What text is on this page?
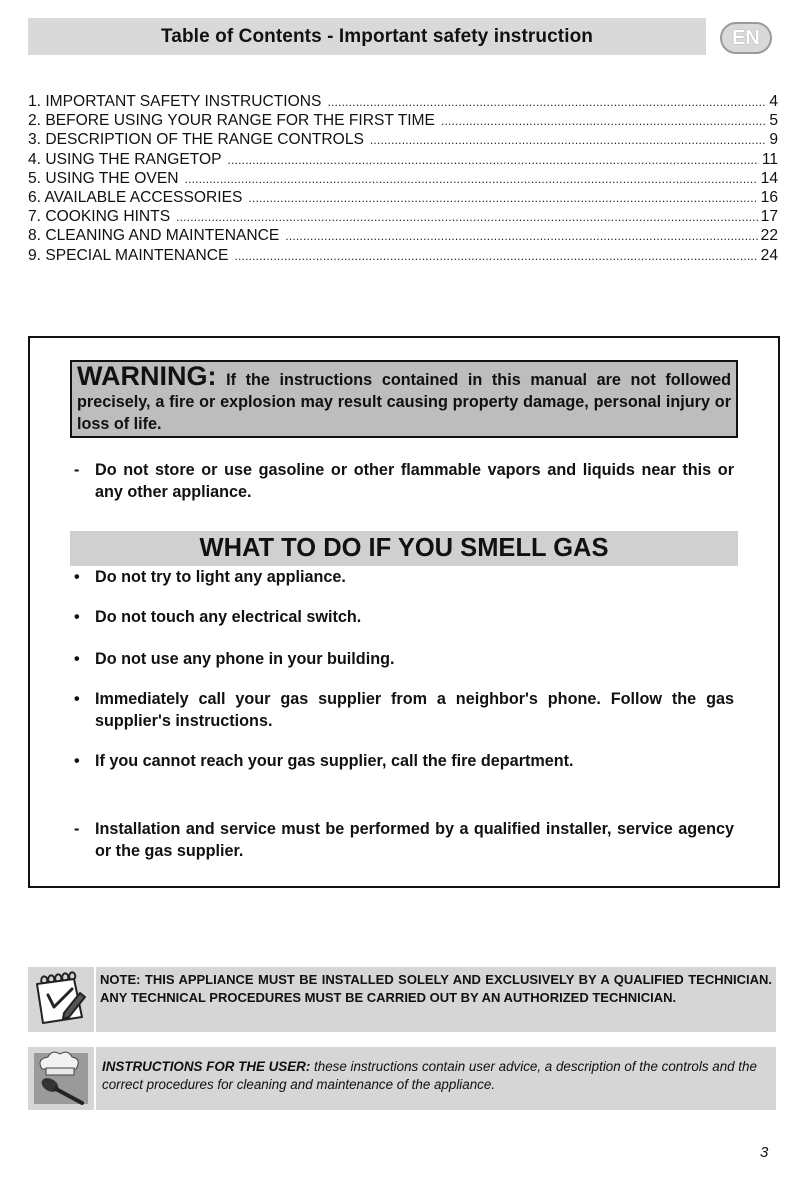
Table of Contents - Important safety instruction	EN
1. IMPORTANT SAFETY INSTRUCTIONS .....	4
2. BEFORE USING YOUR RANGE FOR THE FIRST TIME .....	5
3. DESCRIPTION OF THE RANGE CONTROLS .....	9
4. USING THE RANGETOP .....	11
5. USING THE OVEN .....	14
6. AVAILABLE ACCESSORIES .....	16
7. COOKING HINTS .....	17
8. CLEANING AND MAINTENANCE .....	22
9. SPECIAL MAINTENANCE .....	24
WARNING: If the instructions contained in this manual are not followed precisely, a fire or explosion may result causing property damage, personal injury or loss of life.
- Do not store or use gasoline or other flammable vapors and liquids near this or any other appliance.
WHAT TO DO IF YOU SMELL GAS
• Do not try to light any appliance.
• Do not touch any electrical switch.
• Do not use any phone in your building.
• Immediately call your gas supplier from a neighbor's phone. Follow the gas supplier's instructions.
• If you cannot reach your gas supplier, call the fire department.
- Installation and service must be performed by a qualified installer, service agency or the gas supplier.
NOTE: THIS APPLIANCE MUST BE INSTALLED SOLELY AND EXCLUSIVELY BY A QUALIFIED TECHNICIAN. ANY TECHNICAL PROCEDURES MUST BE CARRIED OUT BY AN AUTHORIZED TECHNICIAN.
INSTRUCTIONS FOR THE USER: these instructions contain user advice, a description of the controls and the correct procedures for cleaning and maintenance of the appliance.
3
